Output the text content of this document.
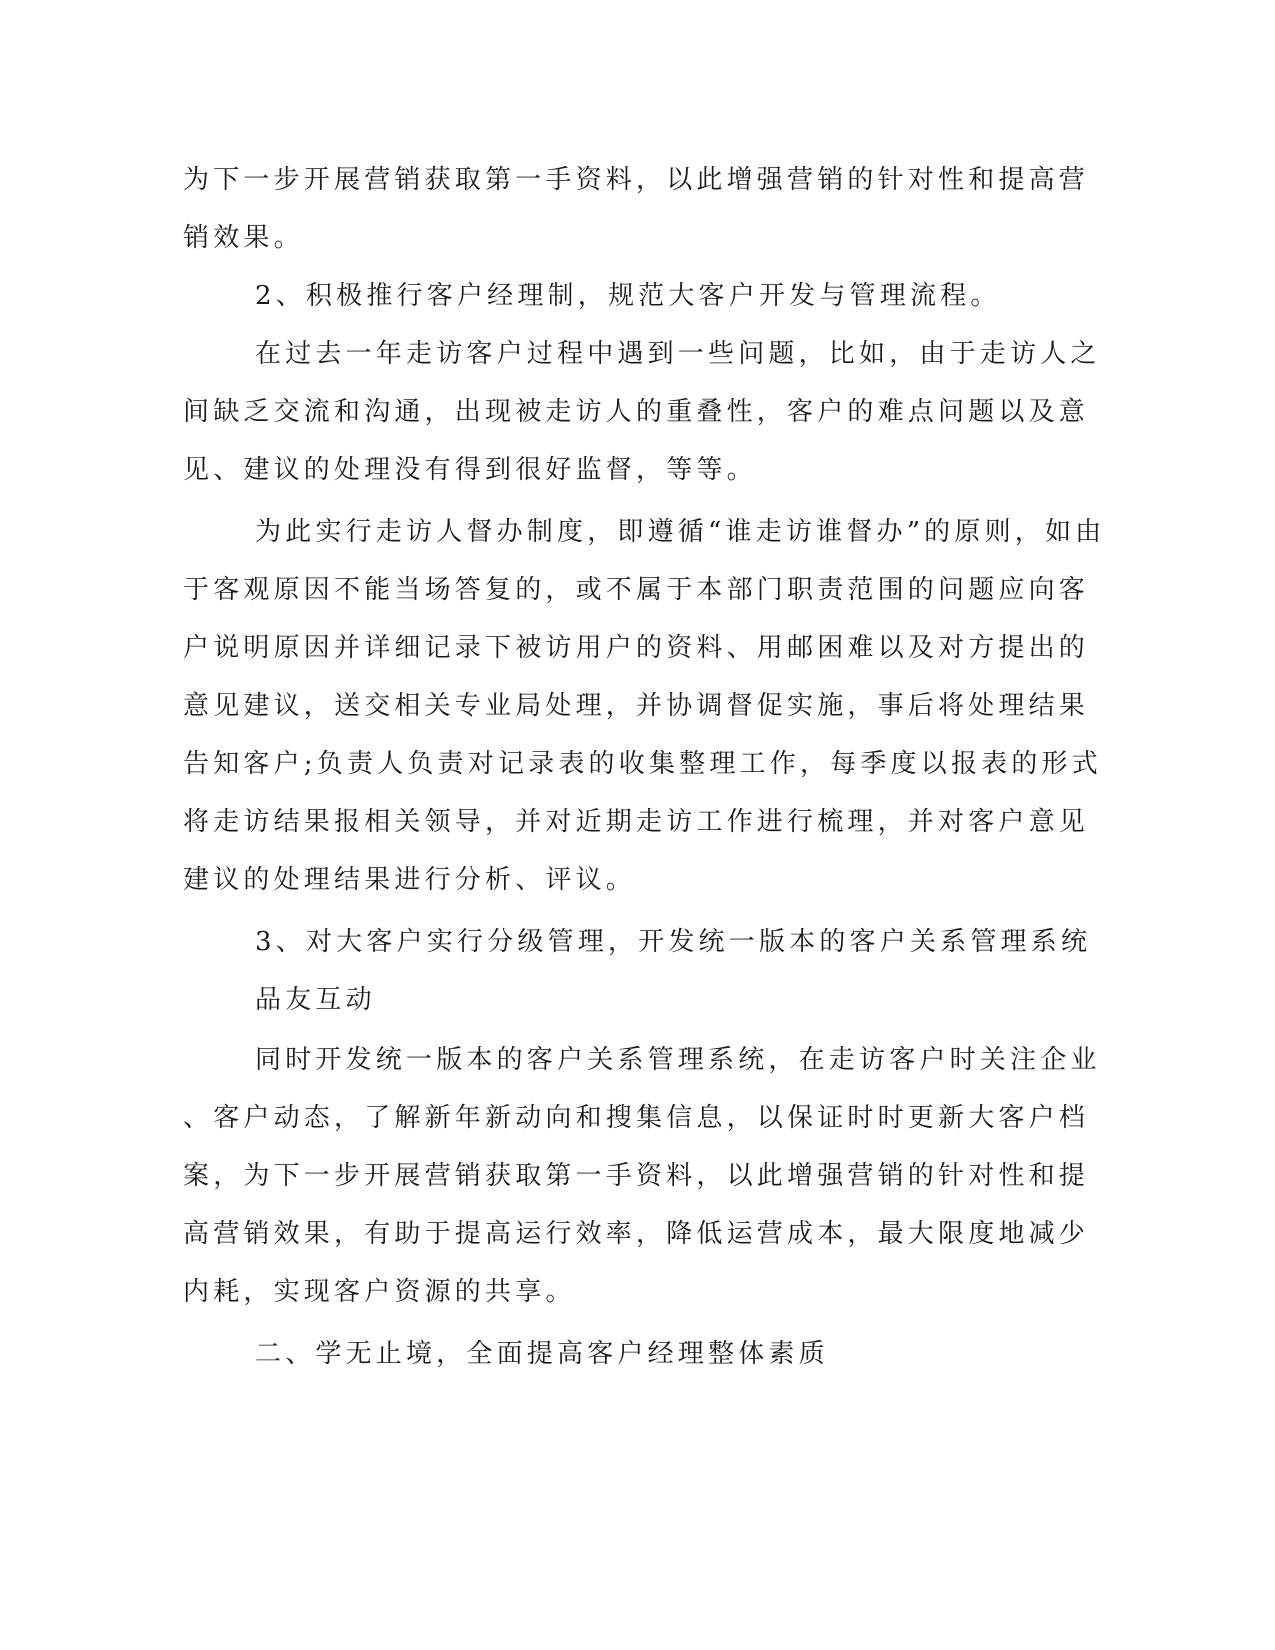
为下一步开展营销获取第一手资料，以此增强营销的针对性和提高营
销效果。
2、积极推行客户经理制，规范大客户开发与管理流程。
在过去一年走访客户过程中遇到一些问题，比如，由于走访人之
间缺乏交流和沟通，出现被走访人的重叠性，客户的难点问题以及意
见、建议的处理没有得到很好监督，等等。
为此实行走访人督办制度，即遵循“谁走访谁督办”的原则，如由
于客观原因不能当场答复的，或不属于本部门职责范围的问题应向客
户说明原因并详细记录下被访用户的资料、用邮困难以及对方提出的
意见建议，送交相关专业局处理，并协调督促实施，事后将处理结果
告知客户;负责人负责对记录表的收集整理工作，每季度以报表的形式
将走访结果报相关领导，并对近期走访工作进行梳理，并对客户意见
建议的处理结果进行分析、评议。
3、对大客户实行分级管理，开发统一版本的客户关系管理系统
品友互动
同时开发统一版本的客户关系管理系统，在走访客户时关注企业
、客户动态，了解新年新动向和搜集信息，以保证时时更新大客户档
案，为下一步开展营销获取第一手资料，以此增强营销的针对性和提
高营销效果，有助于提高运行效率，降低运营成本，最大限度地减少
内耗，实现客户资源的共享。
二、学无止境，全面提高客户经理整体素质
